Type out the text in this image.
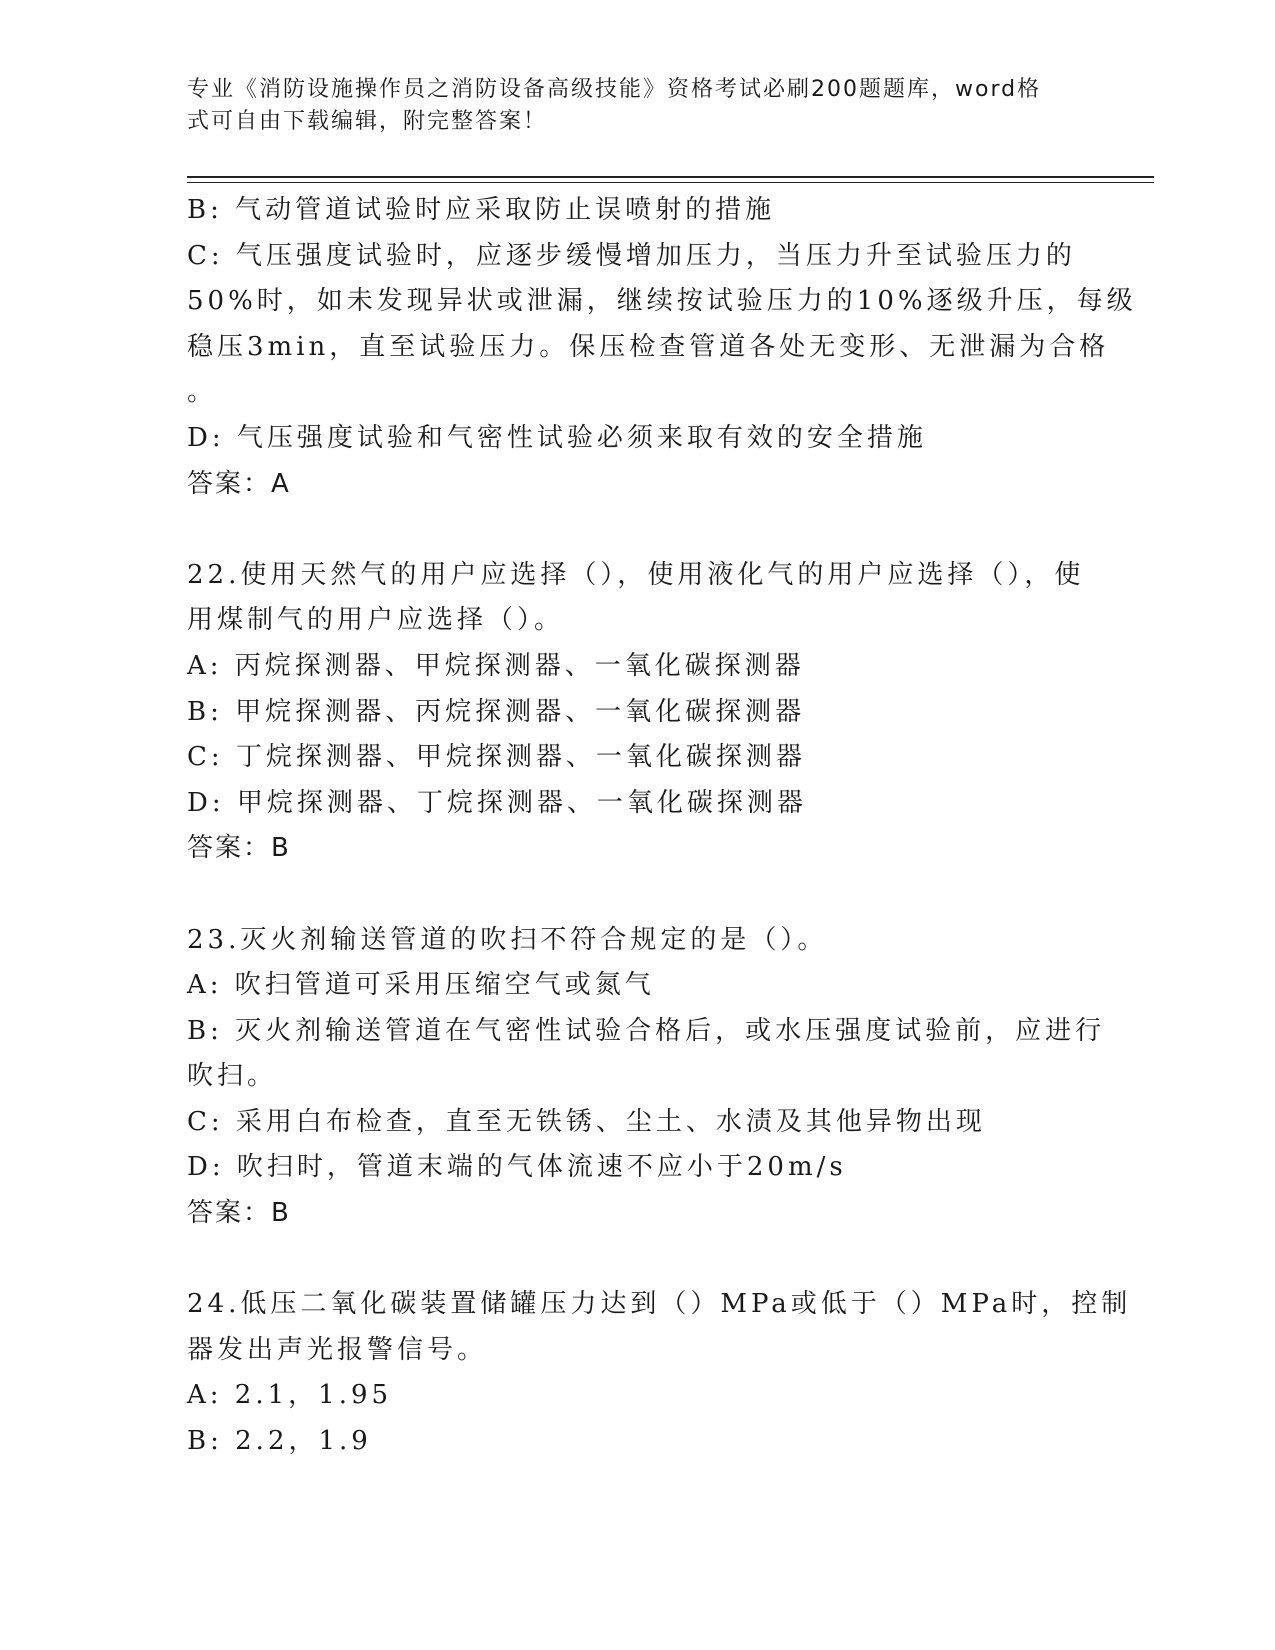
专业《消防设施操作员之消防设备高级技能》资格考试必刷200题题库，word格
式可自由下载编辑，附完整答案！
B: 气动管道试验时应采取防止误喷射的措施
C: 气压强度试验时，应逐步缓慢增加压力，当压力升至试验压力的
50%时，如未发现异状或泄漏，继续按试验压力的10%逐级升压，每级
稳压3min，直至试验压力。保压检查管道各处无变形、无泄漏为合格
。
D: 气压强度试验和气密性试验必须来取有效的安全措施
答案：A
22.使用天然气的用户应选择（），使用液化气的用户应选择（），使
用煤制气的用户应选择（）。
A: 丙烷探测器、甲烷探测器、一氧化碳探测器
B: 甲烷探测器、丙烷探测器、一氧化碳探测器
C: 丁烷探测器、甲烷探测器、一氧化碳探测器
D: 甲烷探测器、丁烷探测器、一氧化碳探测器
答案：B
23.灭火剂输送管道的吹扫不符合规定的是（）。
A: 吹扫管道可采用压缩空气或氮气
B: 灭火剂输送管道在气密性试验合格后，或水压强度试验前，应进行
吹扫。
C: 采用白布检查，直至无铁锈、尘土、水渍及其他异物出现
D: 吹扫时，管道末端的气体流速不应小于20m/s
答案：B
24.低压二氧化碳装置储罐压力达到（）MPa或低于（）MPa时，控制
器发出声光报警信号。
A: 2.1，1.95
B: 2.2，1.9
